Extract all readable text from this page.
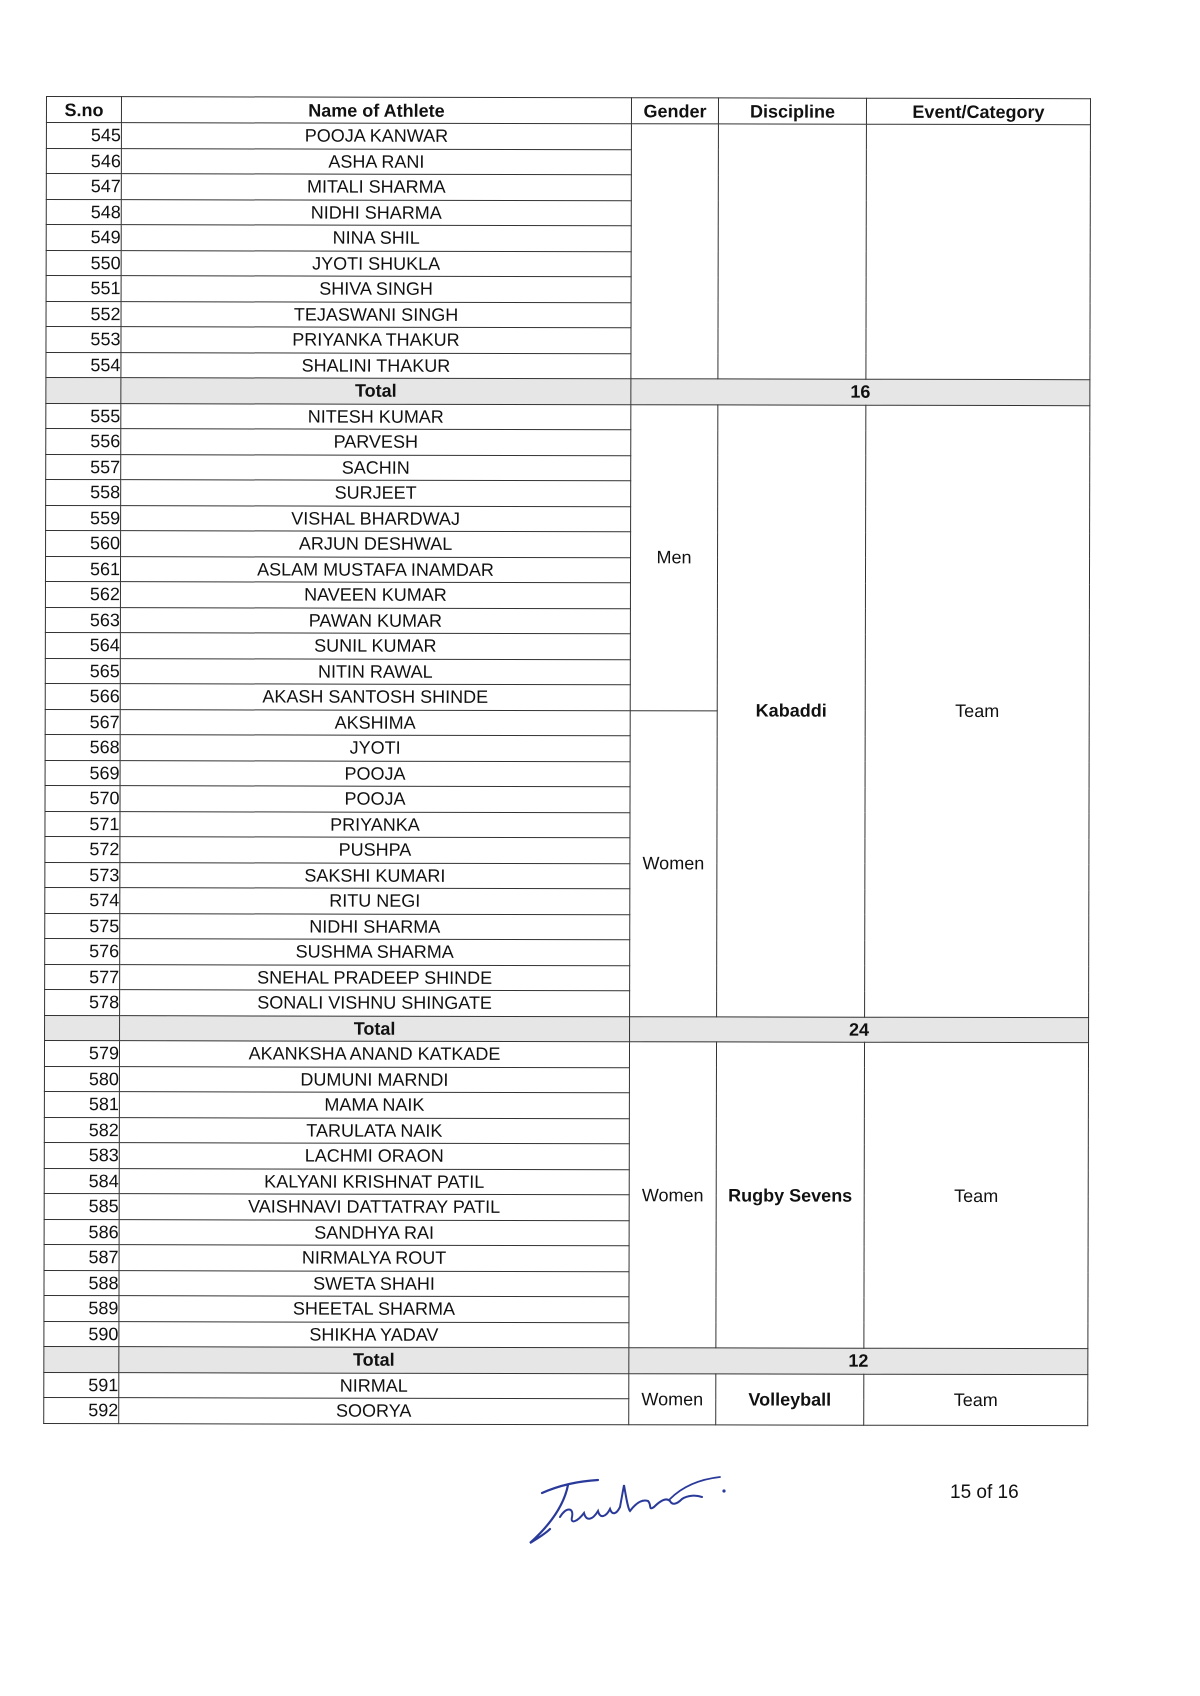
S.no	Name of Athlete	Gender	Discipline	Event/Category
545	POOJA KANWAR			
546	ASHA RANI			
547	MITALI SHARMA			
548	NIDHI SHARMA			
549	NINA SHIL			
550	JYOTI SHUKLA			
551	SHIVA SINGH			
552	TEJASWANI SINGH			
553	PRIYANKA THAKUR			
554	SHALINI THAKUR			
	Total	16		
555	NITESH KUMAR	Men	Kabaddi	Team
556	PARVESH			
557	SACHIN			
558	SURJEET			
559	VISHAL BHARDWAJ			
560	ARJUN DESHWAL			
561	ASLAM MUSTAFA INAMDAR			
562	NAVEEN KUMAR			
563	PAWAN KUMAR			
564	SUNIL KUMAR			
565	NITIN RAWAL			
566	AKASH SANTOSH SHINDE			
567	AKSHIMA	Women		
568	JYOTI			
569	POOJA			
570	POOJA			
571	PRIYANKA			
572	PUSHPA			
573	SAKSHI KUMARI			
574	RITU NEGI			
575	NIDHI SHARMA			
576	SUSHMA SHARMA			
577	SNEHAL PRADEEP SHINDE			
578	SONALI VISHNU SHINGATE			
	Total	24		
579	AKANKSHA ANAND KATKADE	Women	Rugby Sevens	Team
580	DUMUNI MARNDI			
581	MAMA NAIK			
582	TARULATA NAIK			
583	LACHMI ORAON			
584	KALYANI KRISHNAT PATIL			
585	VAISHNAVI DATTATRAY PATIL			
586	SANDHYA RAI			
587	NIRMALYA ROUT			
588	SWETA SHAHI			
589	SHEETAL SHARMA			
590	SHIKHA YADAV			
	Total	12		
591	NIRMAL	Women	Volleyball	Team
592	SOORYA			
15 of 16
